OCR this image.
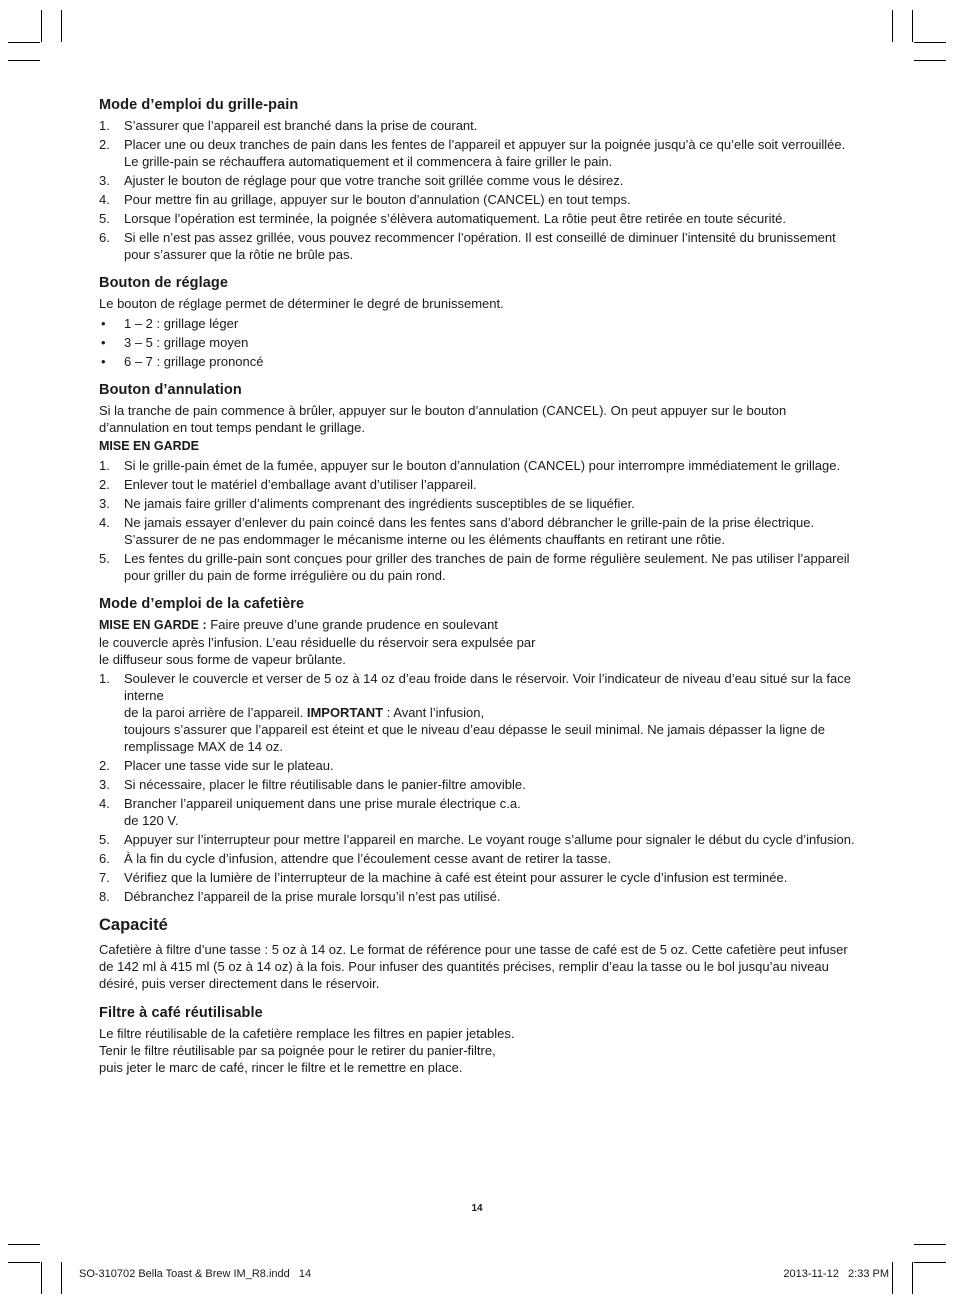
Mode d’emploi du grille-pain
1. S’assurer que l’appareil est branché dans la prise de courant.
2. Placer une ou deux tranches de pain dans les fentes de l’appareil et appuyer sur la poignée jusqu’à ce qu’elle soit verrouillée. Le grille-pain se réchauffera automatiquement et il commencera à faire griller le pain.
3. Ajuster le bouton de réglage pour que votre tranche soit grillée comme vous le désirez.
4. Pour mettre fin au grillage, appuyer sur le bouton d’annulation (CANCEL) en tout temps.
5. Lorsque l’opération est terminée, la poignée s’élèvera automatiquement. La rôtie peut être retirée en toute sécurité.
6. Si elle n’est pas assez grillée, vous pouvez recommencer l’opération. Il est conseillé de diminuer l’intensité du brunissement pour s’assurer que la rôtie ne brûle pas.
Bouton de réglage

Le bouton de réglage permet de déterminer le degré de brunissement.

• 1 – 2 : grillage léger
• 3 – 5 : grillage moyen
• 6 – 7 : grillage prononcé
Bouton d’annulation

Si la tranche de pain commence à brûler, appuyer sur le bouton d’annulation (CANCEL). On peut appuyer sur le bouton d’annulation en tout temps pendant le grillage.

MISE EN GARDE

1. Si le grille-pain émet de la fumée, appuyer sur le bouton d’annulation (CANCEL) pour interrompre immédiatement le grillage.
2. Enlever tout le matériel d’emballage avant d’utiliser l’appareil.
3. Ne jamais faire griller d’aliments comprenant des ingrédients susceptibles de se liquéfier.
4. Ne jamais essayer d’enlever du pain coincé dans les fentes sans d’abord débrancher le grille-pain de la prise électrique. S’assurer de ne pas endommager le mécanisme interne ou les éléments chauffants en retirant une rôtie.
5. Les fentes du grille-pain sont conçues pour griller des tranches de pain de forme régulière seulement. Ne pas utiliser l’appareil pour griller du pain de forme irrégulière ou du pain rond.
Mode d’emploi de la cafetière

MISE EN GARDE : Faire preuve d’une grande prudence en soulevant
le couvercle après l’infusion. L’eau résiduelle du réservoir sera expulsée par
le diffuseur sous forme de vapeur brûlante.

1. Soulever le couvercle et verser de 5 oz à 14 oz d’eau froide dans le réservoir. Voir l’indicateur de niveau d’eau situé sur la face interne
de la paroi arrière de l’appareil. IMPORTANT : Avant l’infusion,
toujours s’assurer que l’appareil est éteint et que le niveau d’eau dépasse le seuil minimal. Ne jamais dépasser la ligne de remplissage MAX de 14 oz.
2. Placer une tasse vide sur le plateau.
3. Si nécessaire, placer le filtre réutilisable dans le panier-filtre amovible.
4. Brancher l’appareil uniquement dans une prise murale électrique c.a.
de 120 V.
5. Appuyer sur l’interrupteur pour mettre l’appareil en marche. Le voyant rouge s’allume pour signaler le début du cycle d’infusion.
6. À la fin du cycle d’infusion, attendre que l’écoulement cesse avant de retirer la tasse.
7. Vérifiez que la lumière de l’interrupteur de la machine à café est éteint pour assurer le cycle d’infusion est terminée.
8. Débranchez l’appareil de la prise murale lorsqu’il n’est pas utilisé.
Capacité

Cafetière à filtre d’une tasse : 5 oz à 14 oz. Le format de référence pour une tasse de café est de 5 oz. Cette cafetière peut infuser de 142 ml à 415 ml (5 oz à 14 oz) à la fois. Pour infuser des quantités précises, remplir d’eau la tasse ou le bol jusqu’au niveau désiré, puis verser directement dans le réservoir.

Filtre à café réutilisable

Le filtre réutilisable de la cafetière remplace les filtres en papier jetables.
Tenir le filtre réutilisable par sa poignée pour le retirer du panier-filtre,
puis jeter le marc de café, rincer le filtre et le remettre en place.

14
SO-310702 Bella Toast & Brew IM_R8.indd   14	2013-11-12   2:33 PM
